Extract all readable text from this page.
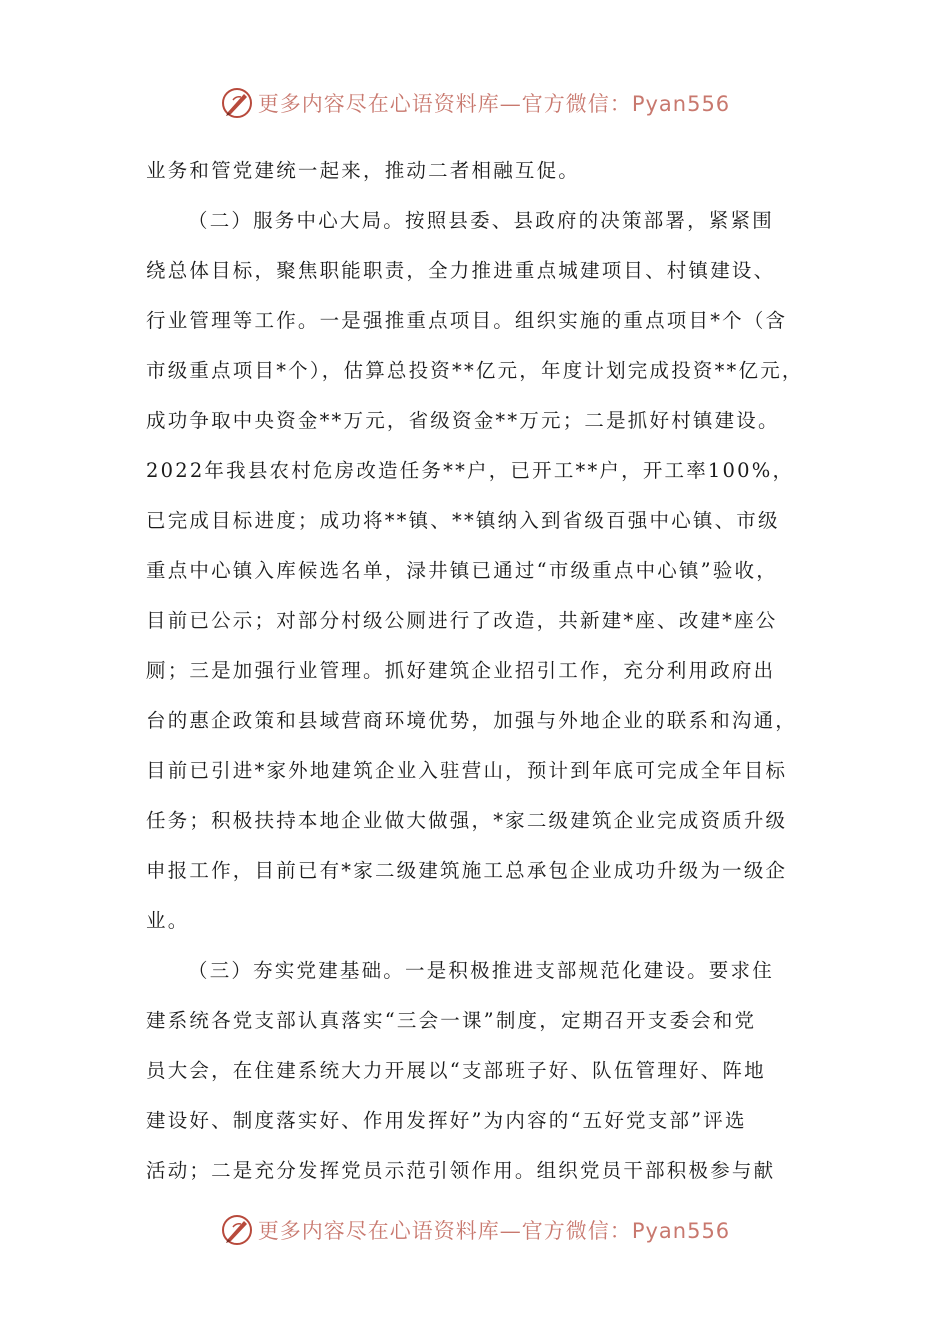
更多内容尽在心语资料库—官方微信：Pyan556
业务和管党建统一起来，推动二者相融互促。
（二）服务中心大局。按照县委、县政府的决策部署，紧紧围
绕总体目标，聚焦职能职责，全力推进重点城建项目、村镇建设、
行业管理等工作。一是强推重点项目。组织实施的重点项目*个（含
市级重点项目*个），估算总投资**亿元，年度计划完成投资**亿元，
成功争取中央资金**万元，省级资金**万元；二是抓好村镇建设。
2022年我县农村危房改造任务**户，已开工**户，开工率100%，
已完成目标进度；成功将**镇、**镇纳入到省级百强中心镇、市级
重点中心镇入库候选名单，渌井镇已通过“市级重点中心镇”验收，
目前已公示；对部分村级公厕进行了改造，共新建*座、改建*座公
厕；三是加强行业管理。抓好建筑企业招引工作，充分利用政府出
台的惠企政策和县域营商环境优势，加强与外地企业的联系和沟通，
目前已引进*家外地建筑企业入驻营山，预计到年底可完成全年目标
任务；积极扶持本地企业做大做强，*家二级建筑企业完成资质升级
申报工作，目前已有*家二级建筑施工总承包企业成功升级为一级企
业。
（三）夯实党建基础。一是积极推进支部规范化建设。要求住
建系统各党支部认真落实“三会一课”制度，定期召开支委会和党
员大会，在住建系统大力开展以“支部班子好、队伍管理好、阵地
建设好、制度落实好、作用发挥好”为内容的“五好党支部”评选
活动；二是充分发挥党员示范引领作用。组织党员干部积极参与献
更多内容尽在心语资料库—官方微信：Pyan556
